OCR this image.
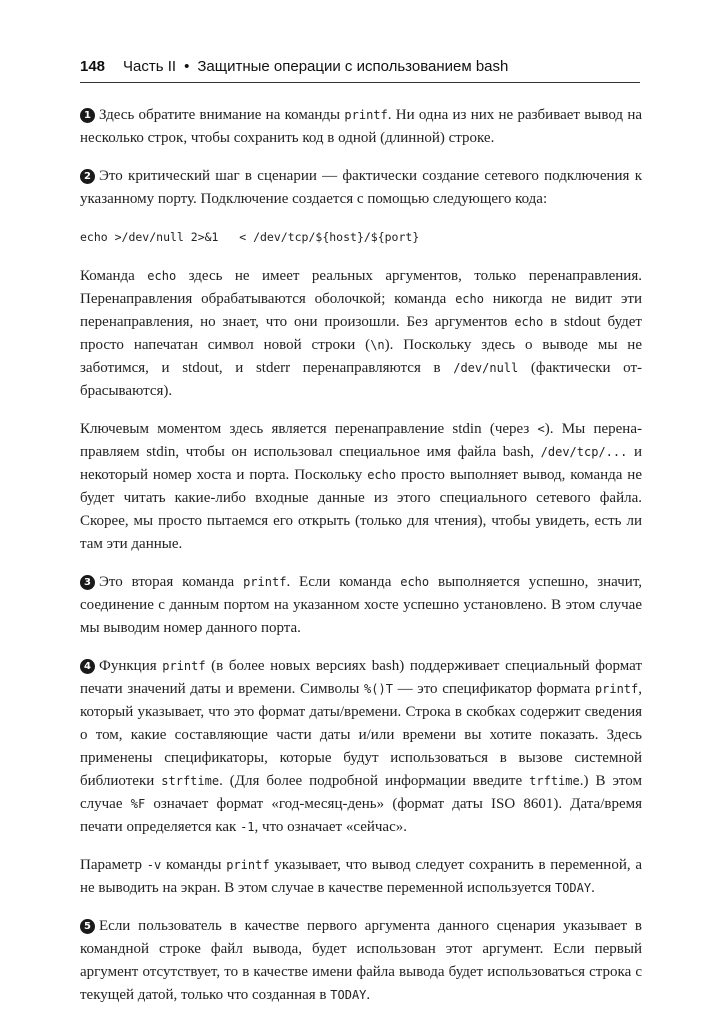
148 Часть II • Защитные операции с использованием bash

1 Здесь обратите внимание на команды printf. Ни одна из них не разбивает вывод на несколько строк, чтобы сохранить код в одной (длинной) строке.

2 Это критический шаг в сценарии — фактически создание сетевого подключения к указанному порту. Подключение создается с помощью следующего кода:

echo >/dev/null 2>&1   < /dev/tcp/${host}/${port}

Команда echo здесь не имеет реальных аргументов, только перенаправления. Перенаправления обрабатываются оболочкой; команда echo никогда не видит эти перенаправления, но знает, что они произошли. Без аргументов echo в stdout будет просто напечатан символ новой строки (\n). Поскольку здесь о выводе мы не заботимся, и stdout, и stderr перенаправляются в /dev/null (фактически отбрасываются).

Ключевым моментом здесь является перенаправление stdin (через <). Мы перенаправляем stdin, чтобы он использовал специальное имя файла bash, /dev/tcp/... и некоторый номер хоста и порта. Поскольку echo просто выполняет вывод, команда не будет читать какие-либо входные данные из этого специального сетевого файла. Скорее, мы просто пытаемся его открыть (только для чтения), чтобы увидеть, есть ли там эти данные.

3 Это вторая команда printf. Если команда echo выполняется успешно, значит, соединение с данным портом на указанном хосте успешно установлено. В этом случае мы выводим номер данного порта.

4 Функция printf (в более новых версиях bash) поддерживает специальный формат печати значений даты и времени. Символы %()T — это спецификатор формата printf, который указывает, что это формат даты/времени. Строка в скобках содержит сведения о том, какие составляющие части даты и/или времени вы хотите показать. Здесь применены спецификаторы, которые будут использоваться в вызове системной библиотеки strftime. (Для более подробной информации введите trftime.) В этом случае %F означает формат «год-месяц-день» (формат даты ISO 8601). Дата/время печати определяется как -1, что означает «сейчас».

Параметр -v команды printf указывает, что вывод следует сохранить в переменной, а не выводить на экран. В этом случае в качестве переменной используется TODAY.

5 Если пользователь в качестве первого аргумента данного сценария указывает в командной строке файл вывода, будет использован этот аргумент. Если первый аргумент отсутствует, то в качестве имени файла вывода будет использоваться строка с текущей датой, только что созданная в TODAY.
